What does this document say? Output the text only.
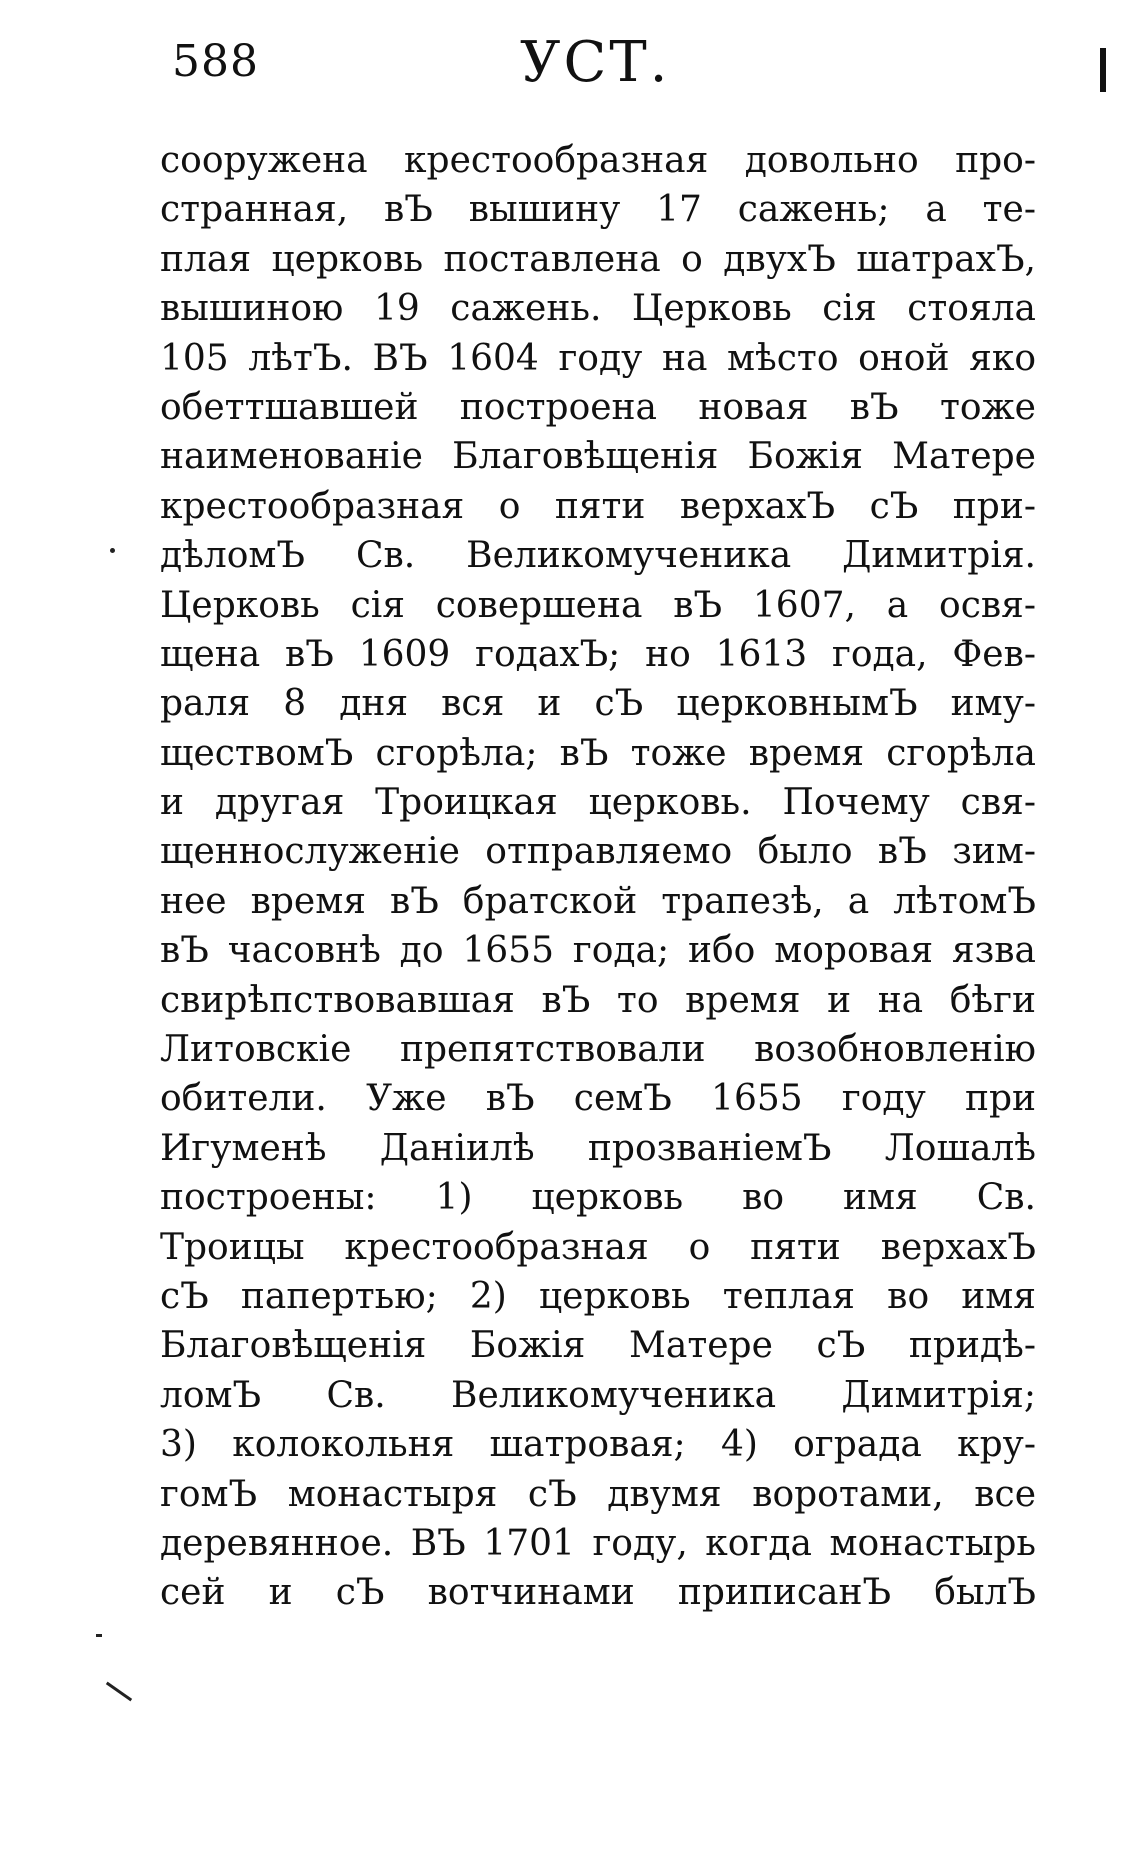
588	УСТ.
сооружена крестообразная довольно про-
странная, вЪ вышину 17 сажень; а те-
плая церковь поставлена о двухЪ шатрахЪ,
вышиною 19 сажень. Церковь сія стояла
105 лѣтЪ. ВЪ 1604 году на мѣсто оной яко
обеттшавшей построена новая вЪ тоже
наименованіе Благовѣщенія Божія Матере
крестообразная о пяти верхахЪ сЪ при-
дѣломЪ Св. Великомученика Димитрія.
Церковь сія совершена вЪ 1607, а освя-
щена вЪ 1609 годахЪ; но 1613 года, Фев-
раля 8 дня вся и сЪ церковнымЪ иму-
ществомЪ сгорѣла; вЪ тоже время сгорѣла
и другая Троицкая церковь. Почему свя-
щеннослуженіе отправляемо было вЪ зим-
нее время вЪ братской трапезѣ, а лѣтомЪ
вЪ часовнѣ до 1655 года; ибо моровая язва
свирѣпствовавшая вЪ то время и на бѣги
Литовскіе препятствовали возобновленію
обители. Уже вЪ семЪ 1655 году при
Игуменѣ Даніилѣ прозваніемЪ Лошалѣ
построены: 1) церковь во имя Св.
Троицы крестообразная о пяти верхахЪ
сЪ папертью; 2) церковь теплая во имя
Благовѣщенія Божія Матере сЪ придѣ-
ломЪ Св. Великомученика Димитрія;
3) колокольня шатровая; 4) ограда кру-
гомЪ монастыря сЪ двумя воротами, все
деревянное. ВЪ 1701 году, когда монастырь
сей и сЪ вотчинами приписанЪ былЪ
